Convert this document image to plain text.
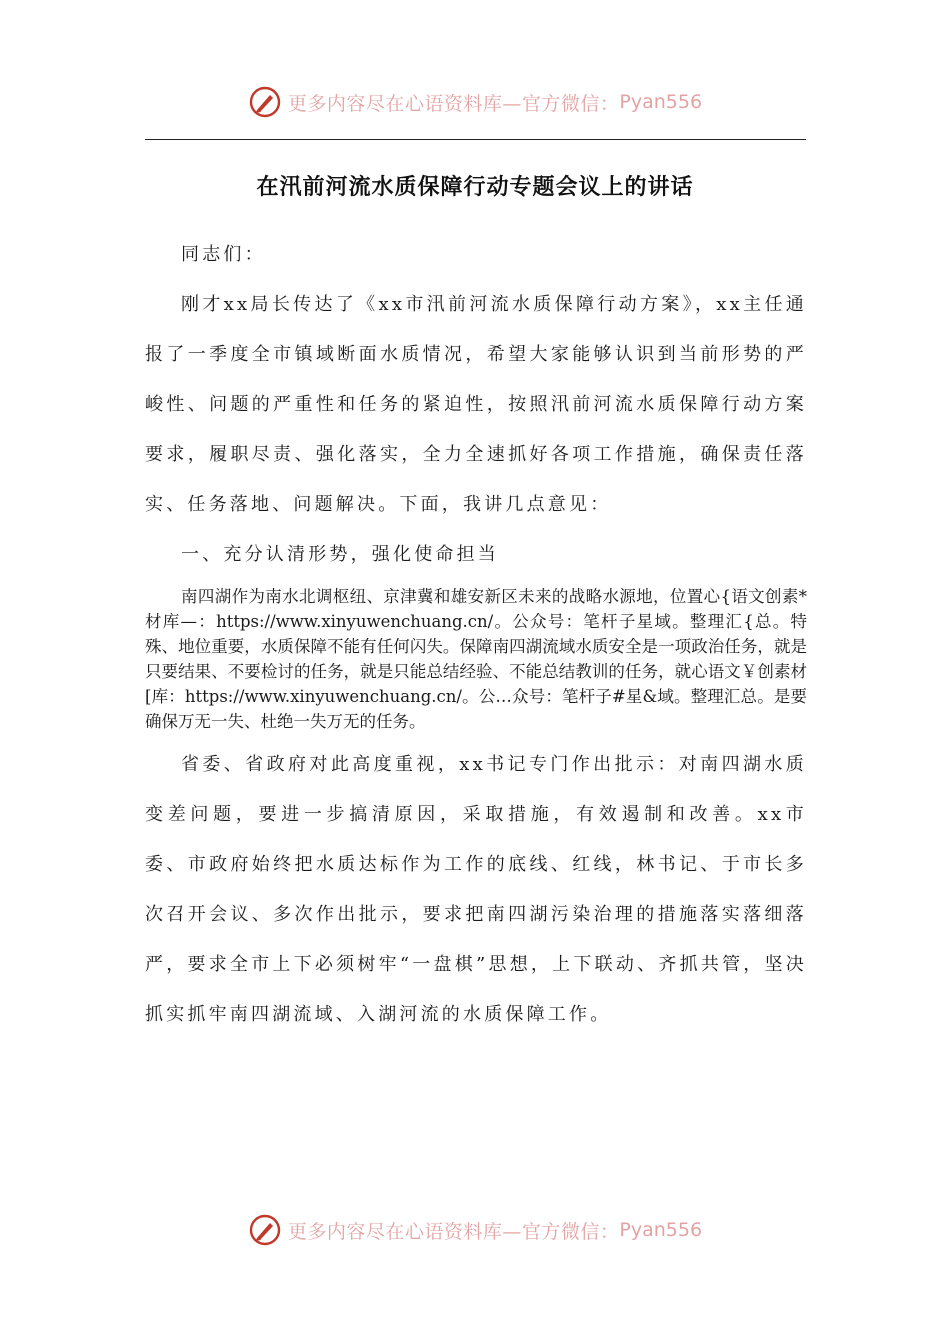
更多内容尽在心语资料库—官方微信： Pyan556
在汛前河流水质保障行动专题会议上的讲话

同志们：

刚才xx局长传达了《xx市汛前河流水质保障行动方案》，xx主任通报了一季度全市镇域断面水质情况，希望大家能够认识到当前形势的严峻性、问题的严重性和任务的紧迫性，按照汛前河流水质保障行动方案要求，履职尽责、强化落实，全力全速抓好各项工作措施，确保责任落实、任务落地、问题解决。下面，我讲几点意见：

一、充分认清形势，强化使命担当

南四湖作为南水北调枢纽、京津冀和雄安新区未来的战略水源地，位置心{语文创素*材库—：https://www.xinyuwenchuang.cn/。公众号：笔杆子星域。整理汇{总。特殊、地位重要，水质保障不能有任何闪失。保障南四湖流域水质安全是一项政治任务，就是只要结果、不要检讨的任务，就是只能总结经验、不能总结教训的任务，就心语文￥创素材[库：https://www.xinyuwenchuang.cn/。公…众号：笔杆子#星&域。整理汇总。是要确保万无一失、杜绝一失万无的任务。

省委、省政府对此高度重视，xx书记专门作出批示：对南四湖水质变差问题，要进一步搞清原因，采取措施，有效遏制和改善。xx市委、市政府始终把水质达标作为工作的底线、红线，林书记、于市长多次召开会议、多次作出批示，要求把南四湖污染治理的措施落实落细落严，要求全市上下必须树牢“一盘棋”思想，上下联动、齐抓共管，坚决抓实抓牢南四湖流域、入湖河流的水质保障工作。

更多内容尽在心语资料库—官方微信： Pyan556
